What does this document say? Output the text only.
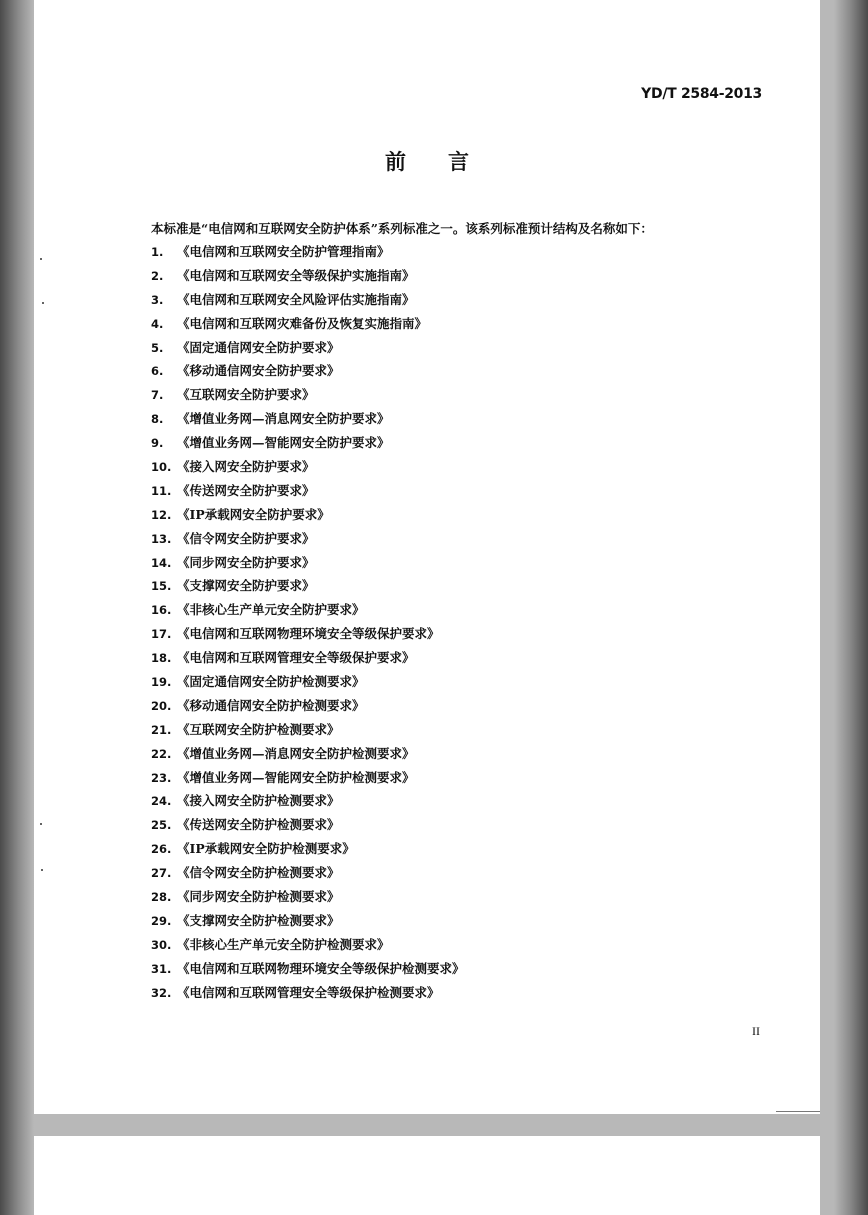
YD/T 2584-2013
前言
本标准是“电信网和互联网安全防护体系”系列标准之一。该系列标准预计结构及名称如下：
1. 《电信网和互联网安全防护管理指南》
2. 《电信网和互联网安全等级保护实施指南》
3. 《电信网和互联网安全风险评估实施指南》
4. 《电信网和互联网灾难备份及恢复实施指南》
5. 《固定通信网安全防护要求》
6. 《移动通信网安全防护要求》
7. 《互联网安全防护要求》
8. 《增值业务网—消息网安全防护要求》
9. 《增值业务网—智能网安全防护要求》
10. 《接入网安全防护要求》
11. 《传送网安全防护要求》
12. 《IP承载网安全防护要求》
13. 《信令网安全防护要求》
14. 《同步网安全防护要求》
15. 《支撑网安全防护要求》
16. 《非核心生产单元安全防护要求》
17. 《电信网和互联网物理环境安全等级保护要求》
18. 《电信网和互联网管理安全等级保护要求》
19. 《固定通信网安全防护检测要求》
20. 《移动通信网安全防护检测要求》
21. 《互联网安全防护检测要求》
22. 《增值业务网—消息网安全防护检测要求》
23. 《增值业务网—智能网安全防护检测要求》
24. 《接入网安全防护检测要求》
25. 《传送网安全防护检测要求》
26. 《IP承载网安全防护检测要求》
27. 《信令网安全防护检测要求》
28. 《同步网安全防护检测要求》
29. 《支撑网安全防护检测要求》
30. 《非核心生产单元安全防护检测要求》
31. 《电信网和互联网物理环境安全等级保护检测要求》
32. 《电信网和互联网管理安全等级保护检测要求》
II
